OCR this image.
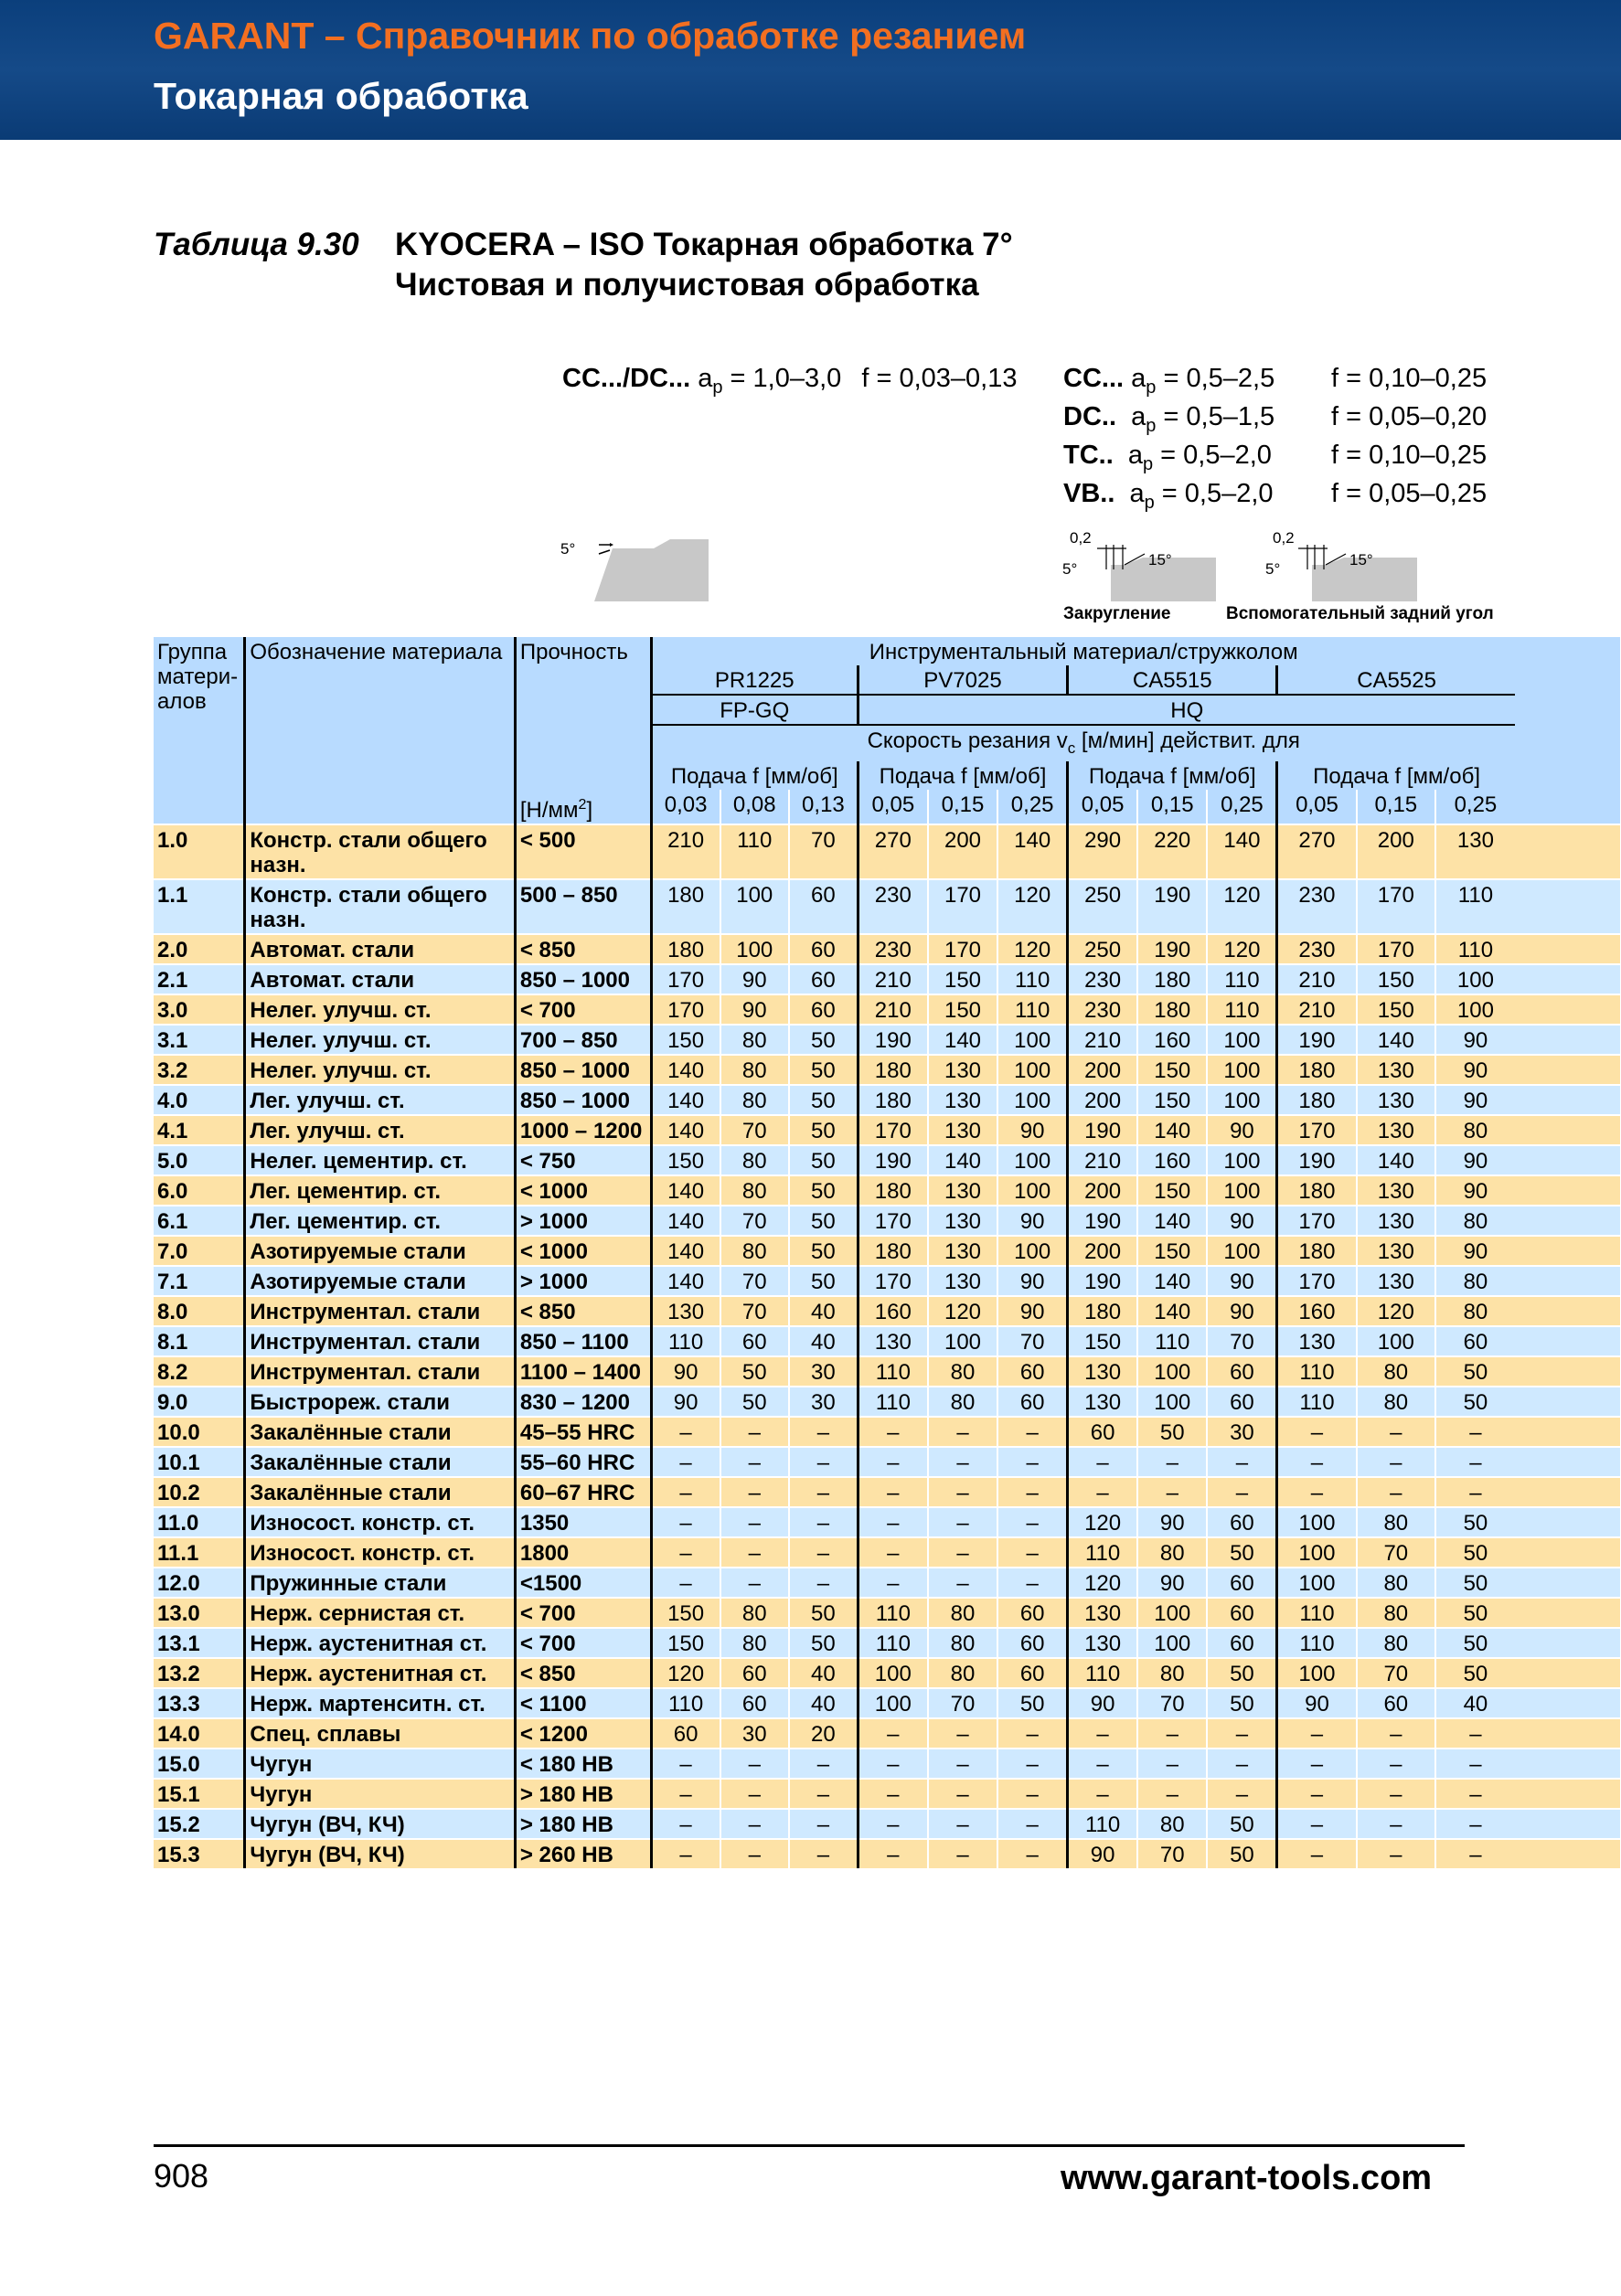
GARANT – Справочник по обработке резанием
Токарная обработка
Таблица 9.30 KYOCERA – ISO Токарная обработка 7°
Чистовая и получистовая обработка
CC.../DC... $a_p = 1,0-3,0$ f = 0,03–0,13 CC... $a_p = 0,5-2,5$ f = 0,10–0,25
DC.. $a_p = 0,5-1,5$ f = 0,05–0,20
TC.. $a_p = 0,5-2,0$ f = 0,10–0,25
VB.. $a_p = 0,5-2,0$ f = 0,05–0,25
5°
0,2
5°
15°
Закругление
0,2
5°
15°
Вспомогательный задний угол
Группа матери-алов	Обозначение материала	Прочность	Инструментальный материал/стружколом												
			PR1225			PV7025			CA5515			CA5525			
			FP-GQ			HQ									
			Скорость резания $v_c$ [м/мин] действит. для												
			Подача f [мм/об]			Подача f [мм/об]			Подача f [мм/об]			Подача f [мм/об]			
		$[Н/мм^2]$	0,03	0,08	0,13	0,05	0,15	0,25	0,05	0,15	0,25	0,05	0,15	0,25	
1.0	Констр. стали общего назн.	< 500	210	110	70	270	200	140	290	220	140	270	200	130	
1.1	Констр. стали общего назн.	500 – 850	180	100	60	230	170	120	250	190	120	230	170	110	
2.0	Автомат. стали	< 850	180	100	60	230	170	120	250	190	120	230	170	110	
2.1	Автомат. стали	850 – 1000	170	90	60	210	150	110	230	180	110	210	150	100	
3.0	Нелег. улучш. ст.	< 700	170	90	60	210	150	110	230	180	110	210	150	100	
3.1	Нелег. улучш. ст.	700 – 850	150	80	50	190	140	100	210	160	100	190	140	90	
3.2	Нелег. улучш. ст.	850 – 1000	140	80	50	180	130	100	200	150	100	180	130	90	
4.0	Лег. улучш. ст.	850 – 1000	140	80	50	180	130	100	200	150	100	180	130	90	
4.1	Лег. улучш. ст.	1000 – 1200	140	70	50	170	130	90	190	140	90	170	130	80	
5.0	Нелег. цементир. ст.	< 750	150	80	50	190	140	100	210	160	100	190	140	90	
6.0	Лег. цементир. ст.	< 1000	140	80	50	180	130	100	200	150	100	180	130	90	
6.1	Лег. цементир. ст.	> 1000	140	70	50	170	130	90	190	140	90	170	130	80	
7.0	Азотируемые стали	< 1000	140	80	50	180	130	100	200	150	100	180	130	90	
7.1	Азотируемые стали	> 1000	140	70	50	170	130	90	190	140	90	170	130	80	
8.0	Инструментал. стали	< 850	130	70	40	160	120	90	180	140	90	160	120	80	
8.1	Инструментал. стали	850 – 1100	110	60	40	130	100	70	150	110	70	130	100	60	
8.2	Инструментал. стали	1100 – 1400	90	50	30	110	80	60	130	100	60	110	80	50	
9.0	Быстрореж. стали	830 – 1200	90	50	30	110	80	60	130	100	60	110	80	50	
10.0	Закалённые стали	45–55 HRC	–	–	–	–	–	–	60	50	30	–	–	–	
10.1	Закалённые стали	55–60 HRC	–	–	–	–	–	–	–	–	–	–	–	–	
10.2	Закалённые стали	60–67 HRC	–	–	–	–	–	–	–	–	–	–	–	–	
11.0	Износост. констр. ст.	1350	–	–	–	–	–	–	120	90	60	100	80	50	
11.1	Износост. констр. ст.	1800	–	–	–	–	–	–	110	80	50	100	70	50	
12.0	Пружинные стали	<1500	–	–	–	–	–	–	120	90	60	100	80	50	
13.0	Нерж. сернистая ст.	< 700	150	80	50	110	80	60	130	100	60	110	80	50	
13.1	Нерж. аустенитная ст.	< 700	150	80	50	110	80	60	130	100	60	110	80	50	
13.2	Нерж. аустенитная ст.	< 850	120	60	40	100	80	60	110	80	50	100	70	50	
13.3	Нерж. мартенситн. ст.	< 1100	110	60	40	100	70	50	90	70	50	90	60	40	
14.0	Спец. сплавы	< 1200	60	30	20	–	–	–	–	–	–	–	–	–	
15.0	Чугун	< 180 HB	–	–	–	–	–	–	–	–	–	–	–	–	
15.1	Чугун	> 180 HB	–	–	–	–	–	–	–	–	–	–	–	–	
15.2	Чугун (ВЧ, КЧ)	> 180 HB	–	–	–	–	–	–	110	80	50	–	–	–	
15.3	Чугун (ВЧ, КЧ)	> 260 HB	–	–	–	–	–	–	90	70	50	–	–	–	
908	www.garant-tools.com
